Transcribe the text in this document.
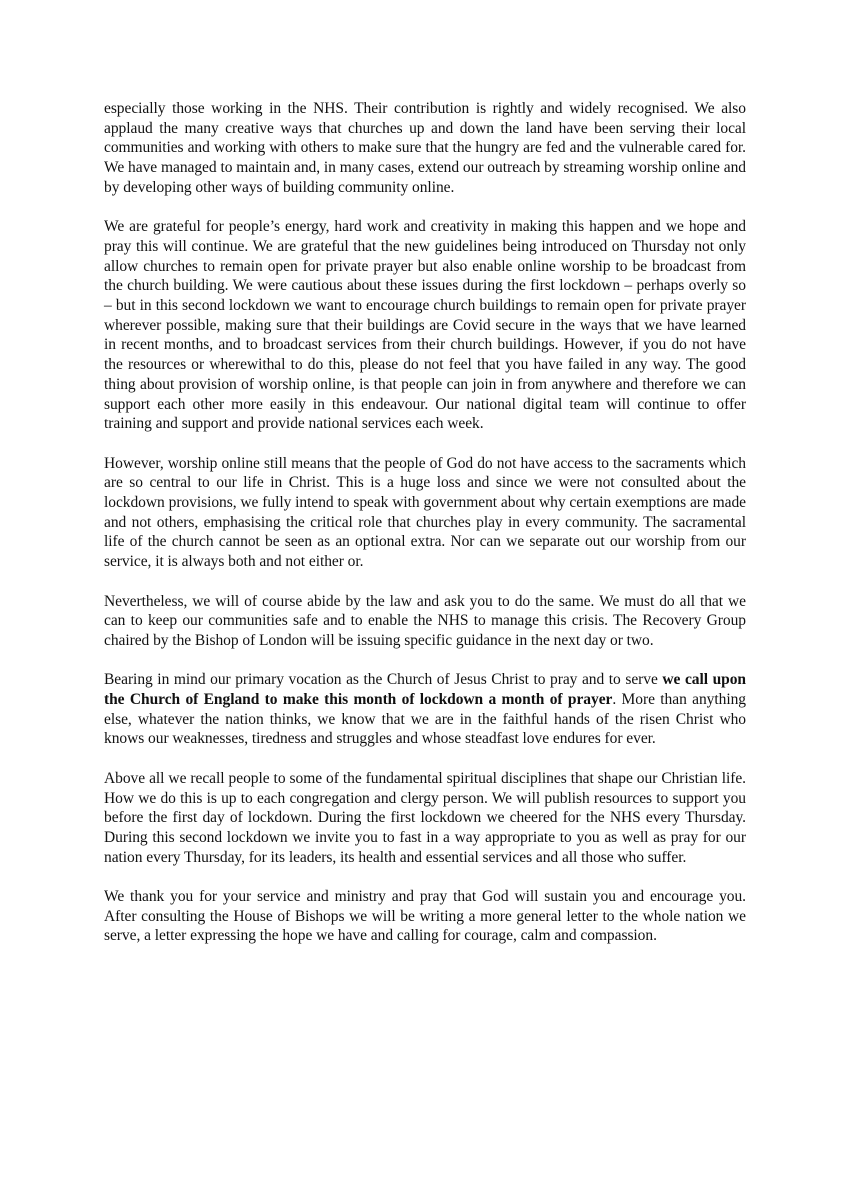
especially those working in the NHS. Their contribution is rightly and widely recognised. We also applaud the many creative ways that churches up and down the land have been serving their local communities and working with others to make sure that the hungry are fed and the vulnerable cared for. We have managed to maintain and, in many cases, extend our outreach by streaming worship online and by developing other ways of building community online.

We are grateful for people’s energy, hard work and creativity in making this happen and we hope and pray this will continue. We are grateful that the new guidelines being introduced on Thursday not only allow churches to remain open for private prayer but also enable online worship to be broadcast from the church building. We were cautious about these issues during the first lockdown – perhaps overly so – but in this second lockdown we want to encourage church buildings to remain open for private prayer wherever possible, making sure that their buildings are Covid secure in the ways that we have learned in recent months, and to broadcast services from their church buildings. However, if you do not have the resources or wherewithal to do this, please do not feel that you have failed in any way. The good thing about provision of worship online, is that people can join in from anywhere and therefore we can support each other more easily in this endeavour. Our national digital team will continue to offer training and support and provide national services each week.

However, worship online still means that the people of God do not have access to the sacraments which are so central to our life in Christ. This is a huge loss and since we were not consulted about the lockdown provisions, we fully intend to speak with government about why certain exemptions are made and not others, emphasising the critical role that churches play in every community. The sacramental life of the church cannot be seen as an optional extra. Nor can we separate out our worship from our service, it is always both and not either or.

Nevertheless, we will of course abide by the law and ask you to do the same. We must do all that we can to keep our communities safe and to enable the NHS to manage this crisis. The Recovery Group chaired by the Bishop of London will be issuing specific guidance in the next day or two.

Bearing in mind our primary vocation as the Church of Jesus Christ to pray and to serve we call upon the Church of England to make this month of lockdown a month of prayer. More than anything else, whatever the nation thinks, we know that we are in the faithful hands of the risen Christ who knows our weaknesses, tiredness and struggles and whose steadfast love endures for ever.

Above all we recall people to some of the fundamental spiritual disciplines that shape our Christian life. How we do this is up to each congregation and clergy person. We will publish resources to support you before the first day of lockdown. During the first lockdown we cheered for the NHS every Thursday. During this second lockdown we invite you to fast in a way appropriate to you as well as pray for our nation every Thursday, for its leaders, its health and essential services and all those who suffer.

We thank you for your service and ministry and pray that God will sustain you and encourage you. After consulting the House of Bishops we will be writing a more general letter to the whole nation we serve, a letter expressing the hope we have and calling for courage, calm and compassion.
